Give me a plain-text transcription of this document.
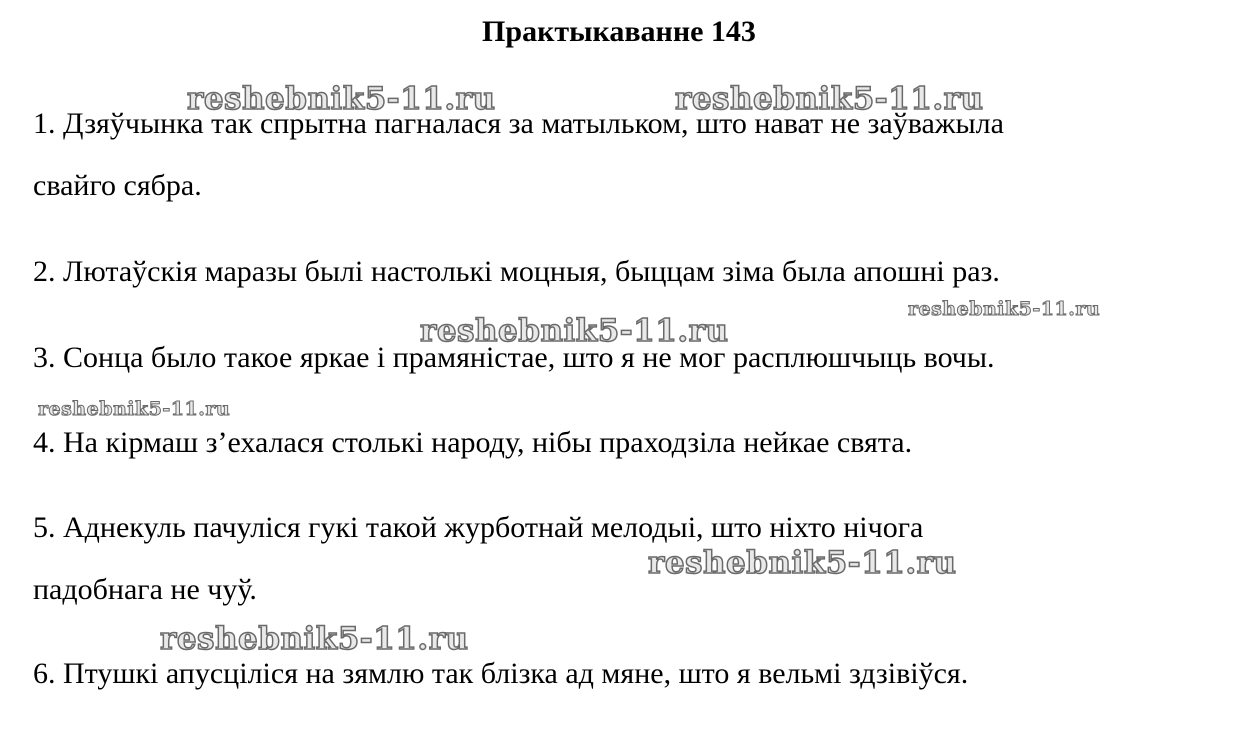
Практыкаванне 143
1. Дзяўчынка так спрытна пагналася за матыльком, што нават не заўважыла
свайго сябра.
2. Лютаўскія маразы былі настолькі моцныя, быццам зіма была апошні раз.
3. Сонца было такое яркае і прамяністае, што я не мог расплюшчыць вочы.
4. На кірмаш з’ехалася столькі народу, нібы праходзіла нейкае свята.
5. Аднекуль пачуліся гукі такой журботнай мелодыі, што ніхто нічога
падобнага не чуў.
6. Птушкі апусціліся на зямлю так блізка ад мяне, што я вельмі здзівіўся.
reshebnik5-11.ru	reshebnik5-11.ru
reshebnik5-11.ru
reshebnik5-11.ru
reshebnik5-11.ru
reshebnik5-11.ru
reshebnik5-11.ru
